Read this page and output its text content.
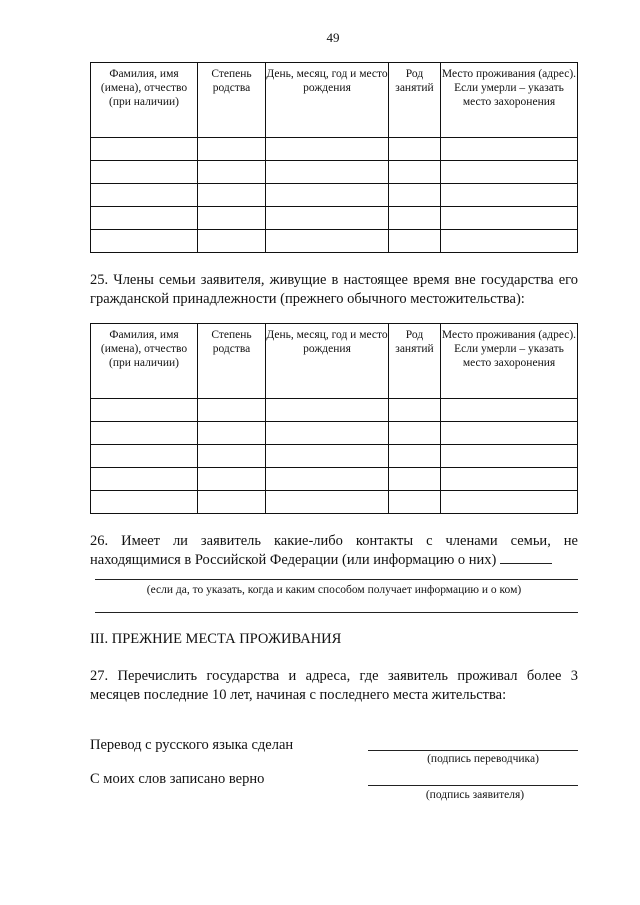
49
Фамилия, имя (имена), отчество (при наличии)	Степень родства	День, месяц, год и место рождения	Род занятий	Место проживания (адрес). Если умерли – указать место захоронения

25. Члены семьи заявителя, живущие в настоящее время вне государства его гражданской принадлежности (прежнего обычного местожительства):
Фамилия, имя (имена), отчество (при наличии)	Степень родства	День, месяц, год и место рождения	Род занятий	Место проживания (адрес). Если умерли – указать место захоронения

26. Имеет ли заявитель какие-либо контакты с членами семьи, не находящимися в Российской Федерации (или информацию о них)
(если да, то указать, когда и каким способом получает информацию и о ком)
III. ПРЕЖНИЕ МЕСТА ПРОЖИВАНИЯ
27. Перечислить государства и адреса, где заявитель проживал более 3 месяцев последние 10 лет, начиная с последнего места жительства:
Перевод с русского языка сделан
(подпись переводчика)
С моих слов записано верно
(подпись заявителя)
